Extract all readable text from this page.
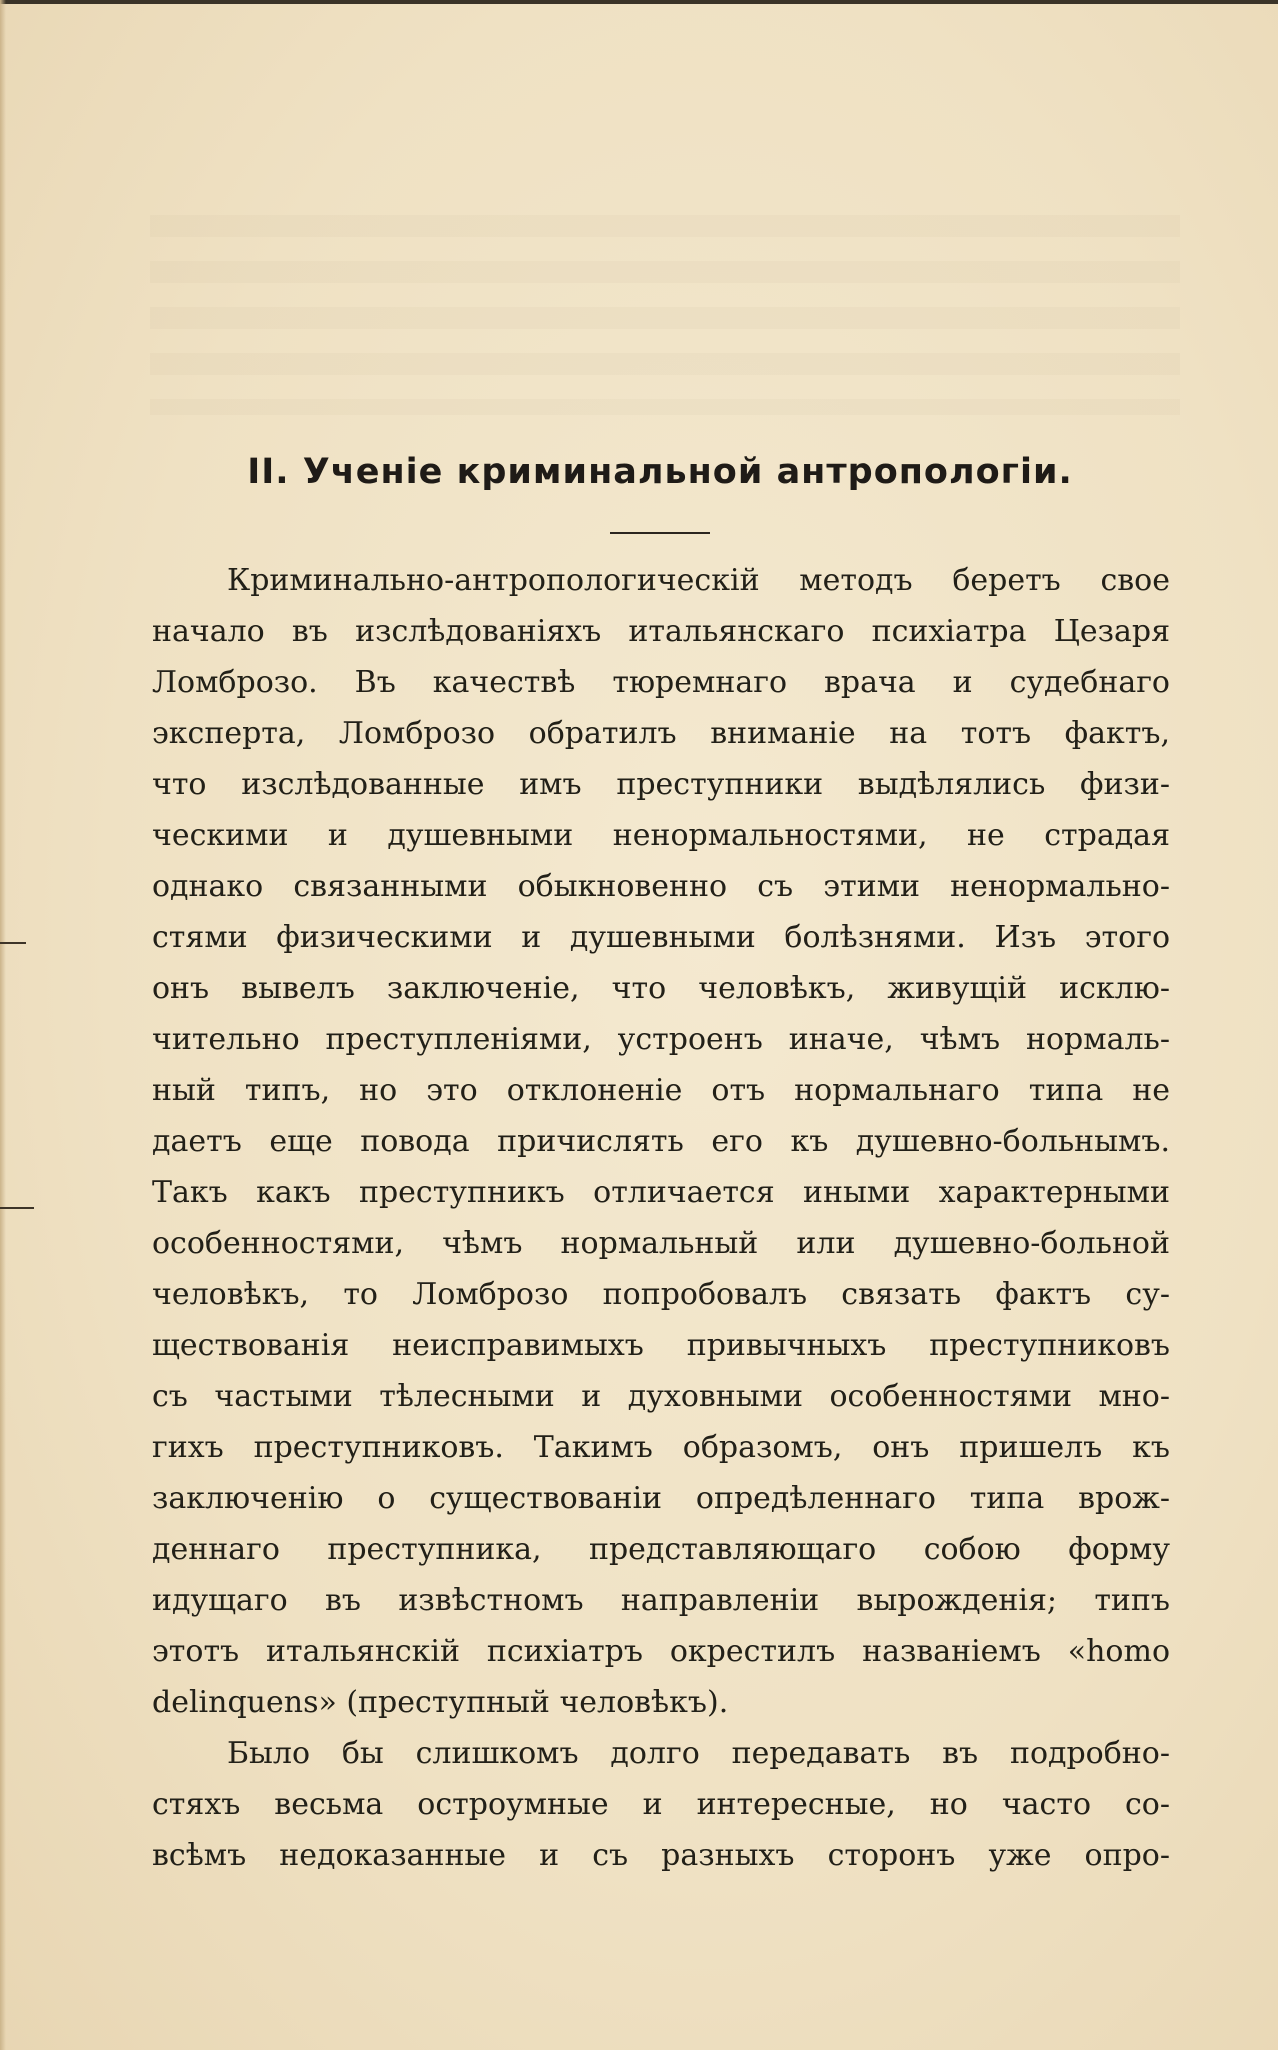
II. Ученіе криминальной антропологіи.
Криминально-антропологическій методъ беретъ свое
начало въ изслѣдованіяхъ итальянскаго психіатра Цезаря
Ломброзо. Въ качествѣ тюремнаго врача и судебнаго
эксперта, Ломброзо обратилъ вниманіе на тотъ фактъ,
что изслѣдованные имъ преступники выдѣлялись физи-
ческими и душевными ненормальностями, не страдая
однако связанными обыкновенно съ этими ненормально-
стями физическими и душевными болѣзнями. Изъ этого
онъ вывелъ заключеніе, что человѣкъ, живущій исклю-
чительно преступленіями, устроенъ иначе, чѣмъ нормаль-
ный типъ, но это отклоненіе отъ нормальнаго типа не
даетъ еще повода причислять его къ душевно-больнымъ.
Такъ какъ преступникъ отличается иными характерными
особенностями, чѣмъ нормальный или душевно-больной
человѣкъ, то Ломброзо попробовалъ связать фактъ су-
ществованія неисправимыхъ привычныхъ преступниковъ
съ частыми тѣлесными и духовными особенностями мно-
гихъ преступниковъ. Такимъ образомъ, онъ пришелъ къ
заключенію о существованіи опредѣленнаго типа врож-
деннаго преступника, представляющаго собою форму
идущаго въ извѣстномъ направленіи вырожденія; типъ
этотъ итальянскій психіатръ окрестилъ названіемъ «homo
delinquens» (преступный человѣкъ).
Было бы слишкомъ долго передавать въ подробно-
стяхъ весьма остроумные и интересные, но часто со-
всѣмъ недоказанные и съ разныхъ сторонъ уже опро-
